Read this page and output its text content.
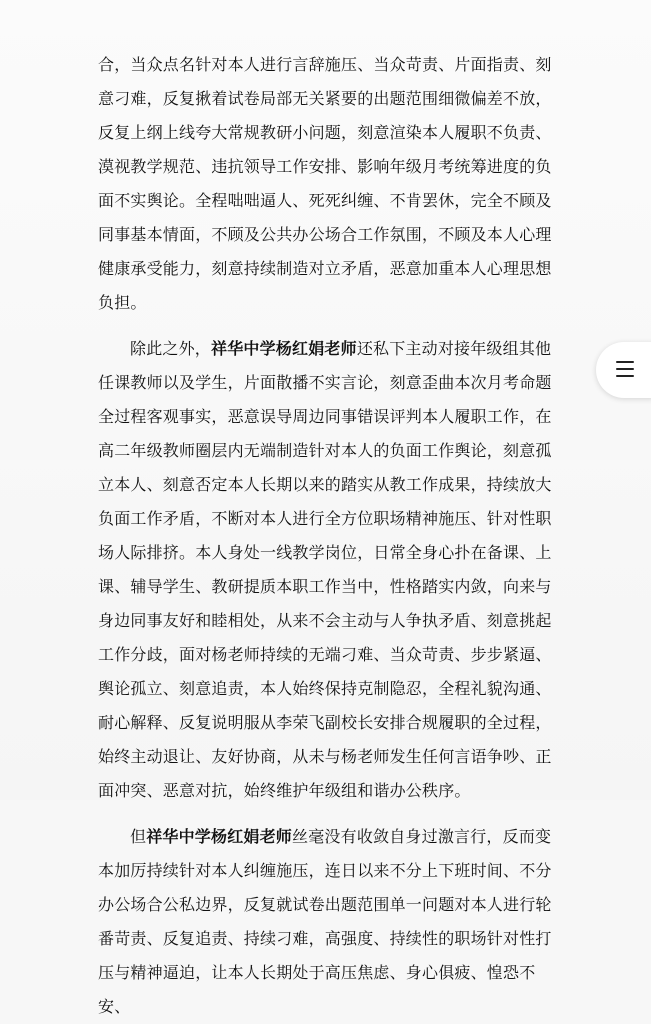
合，当众点名针对本人进行言辞施压、当众苛责、片面指责、刻意刁难，反复揪着试卷局部无关紧要的出题范围细微偏差不放，反复上纲上线夸大常规教研小问题，刻意渲染本人履职不负责、漠视教学规范、违抗领导工作安排、影响年级月考统筹进度的负面不实舆论。全程咄咄逼人、死死纠缠、不肯罢休，完全不顾及同事基本情面，不顾及公共办公场合工作氛围，不顾及本人心理健康承受能力，刻意持续制造对立矛盾，恶意加重本人心理思想负担。

除此之外，祥华中学杨红娟老师还私下主动对接年级组其他任课教师以及学生，片面散播不实言论，刻意歪曲本次月考命题全过程客观事实，恶意误导周边同事错误评判本人履职工作，在高二年级教师圈层内无端制造针对本人的负面工作舆论，刻意孤立本人、刻意否定本人长期以来的踏实从教工作成果，持续放大负面工作矛盾，不断对本人进行全方位职场精神施压、针对性职场人际排挤。本人身处一线教学岗位，日常全身心扑在备课、上课、辅导学生、教研提质本职工作当中，性格踏实内敛，向来与身边同事友好和睦相处，从来不会主动与人争执矛盾、刻意挑起工作分歧，面对杨老师持续的无端刁难、当众苛责、步步紧逼、舆论孤立、刻意追责，本人始终保持克制隐忍，全程礼貌沟通、耐心解释、反复说明服从李荣飞副校长安排合规履职的全过程，始终主动退让、友好协商，从未与杨老师发生任何言语争吵、正面冲突、恶意对抗，始终维护年级组和谐办公秩序。

但祥华中学杨红娟老师丝毫没有收敛自身过激言行，反而变本加厉持续针对本人纠缠施压，连日以来不分上下班时间、不分办公场合公私边界，反复就试卷出题范围单一问题对本人进行轮番苛责、反复追责、持续刁难，高强度、持续性的职场针对性打压与精神逼迫，让本人长期处于高压焦虑、身心俱疲、惶恐不安、
